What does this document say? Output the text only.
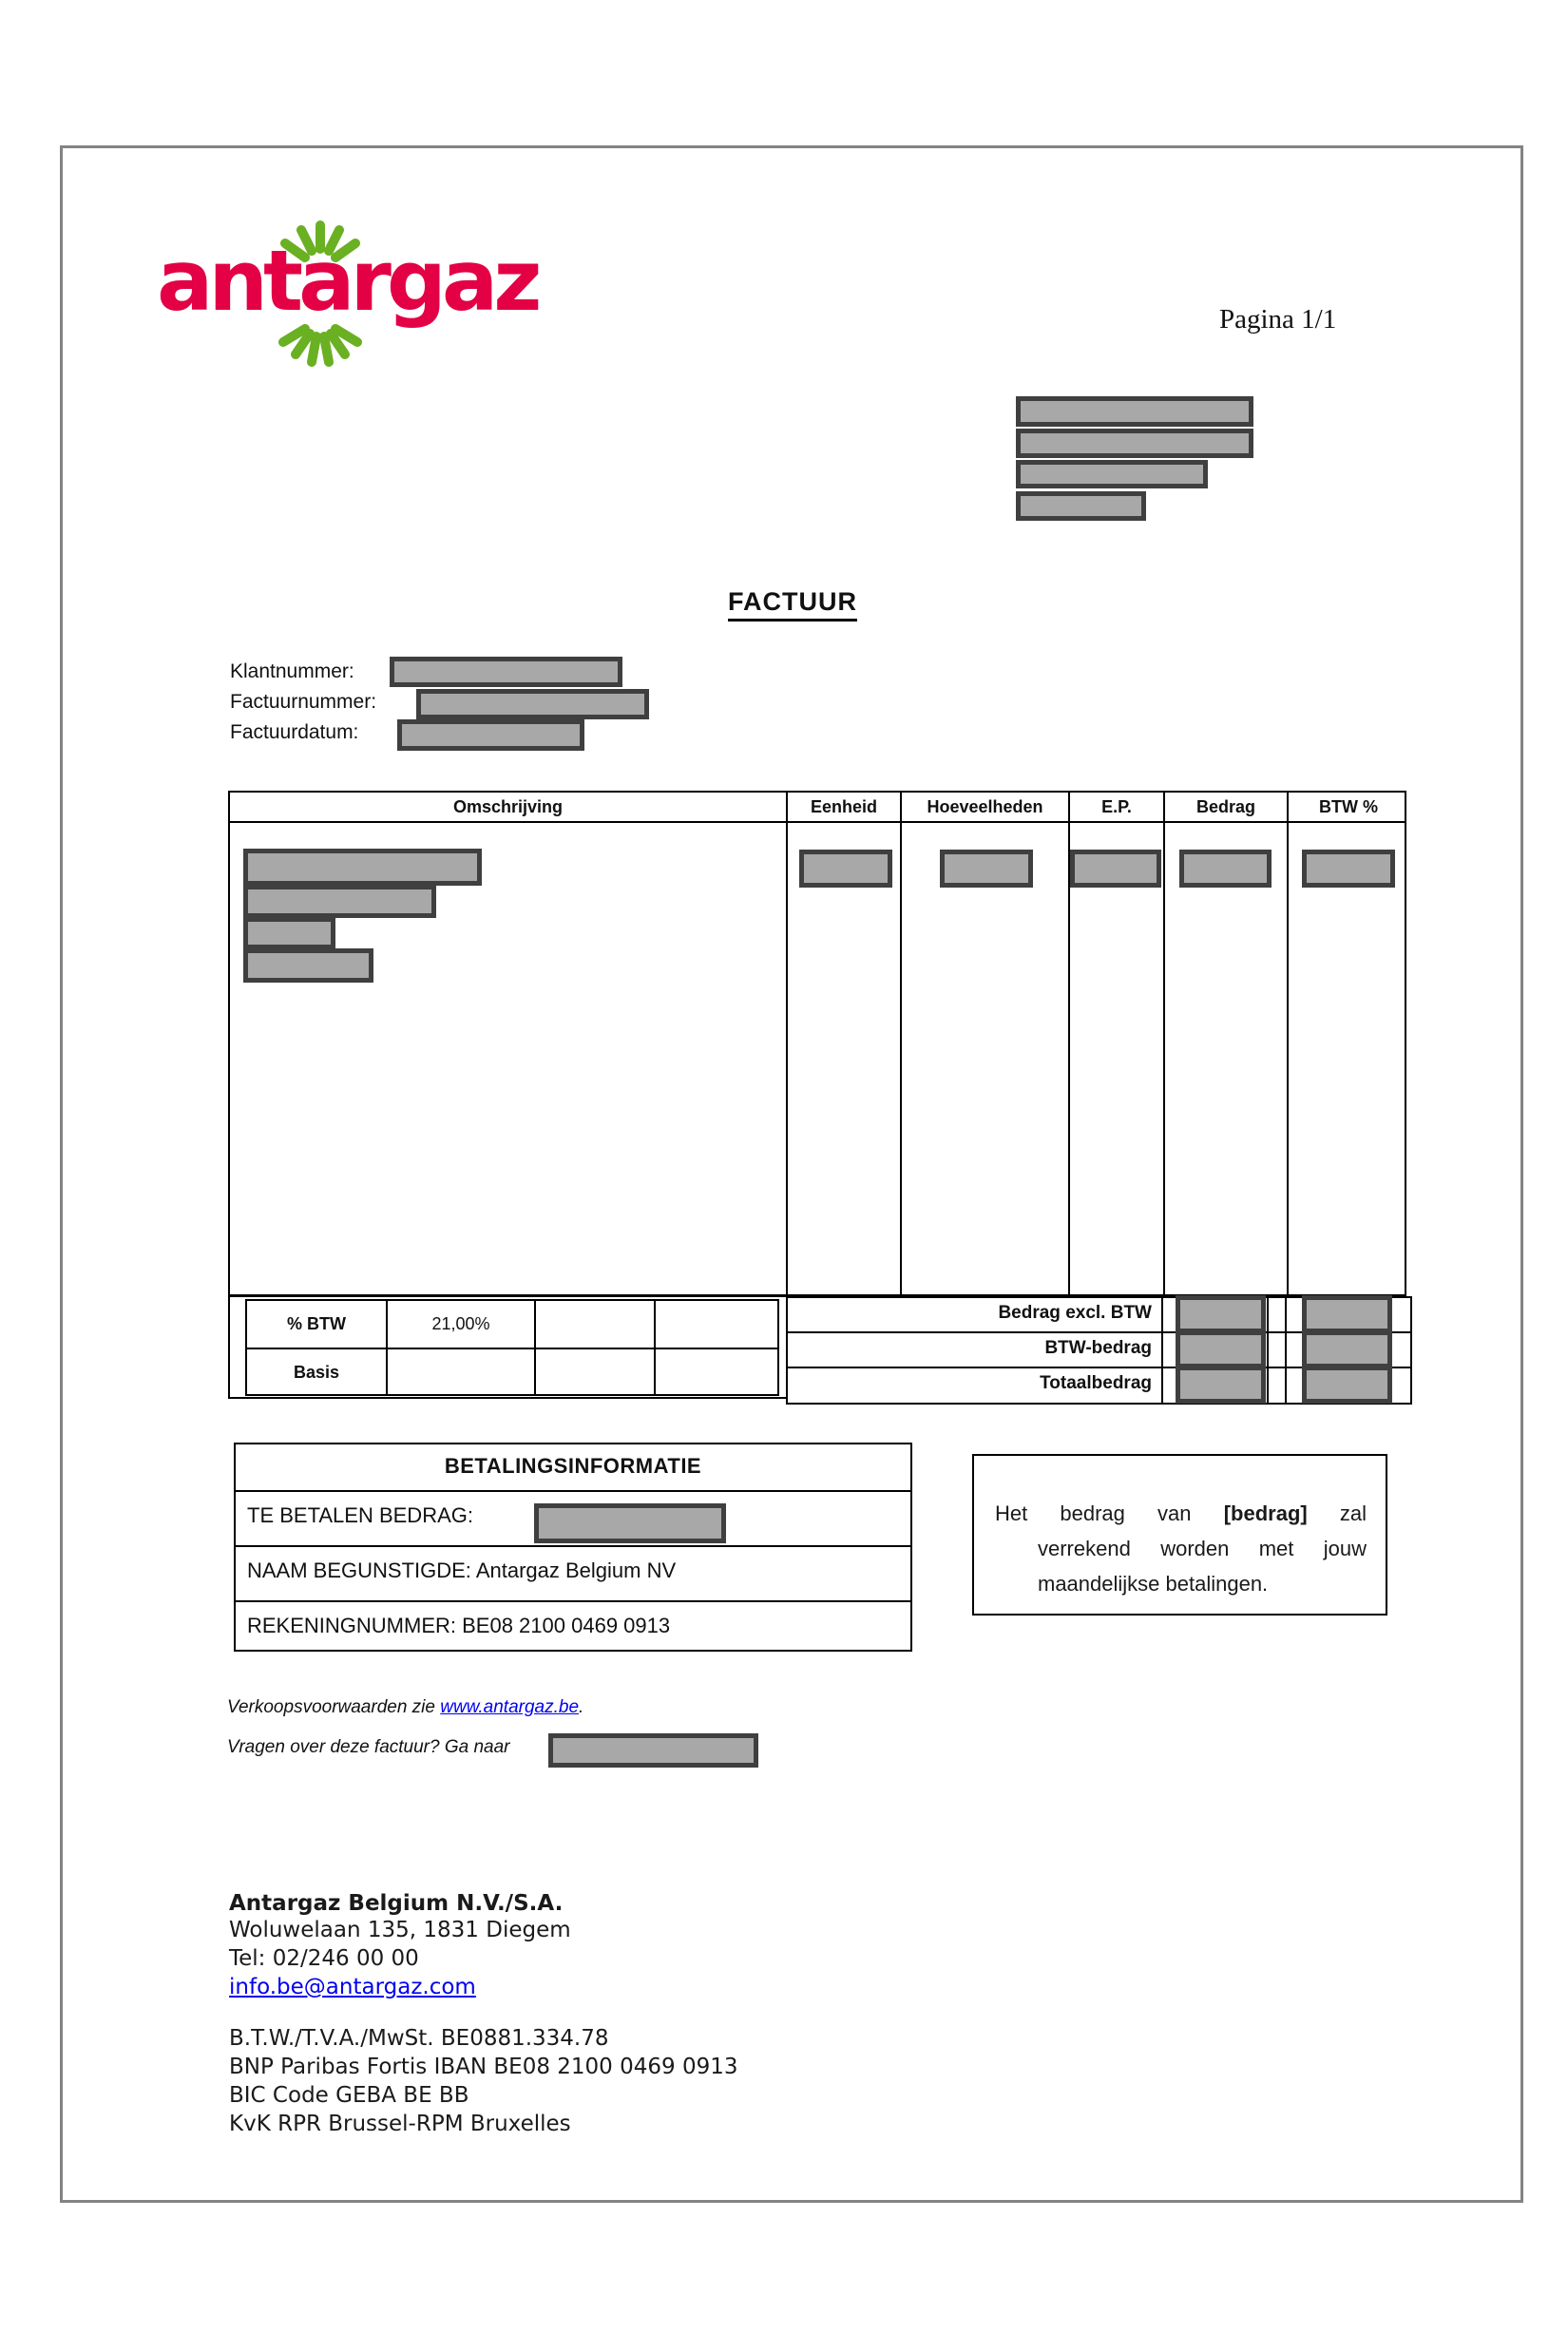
antargaz	Pagina 1/1
FACTUUR
Klantnummer:
Factuurnummer:
Factuurdatum:
Omschrijving	Eenheid	Hoeveelheden	E.P.	Bedrag	BTW %
% BTW	21,00%
Basis
Bedrag excl. BTW
BTW-bedrag
Totaalbedrag
BETALINGSINFORMATIE
TE BETALEN BEDRAG:
NAAM BEGUNSTIGDE: Antargaz Belgium NV
REKENINGNUMMER: BE08 2100 0469 0913
Het bedrag van [bedrag] zal
verrekend worden met jouw
maandelijkse betalingen.
Verkoopsvoorwaarden zie www.antargaz.be.
Vragen over deze factuur? Ga naar
Antargaz Belgium N.V./S.A.
Woluwelaan 135, 1831 Diegem
Tel: 02/246 00 00
info.be@antargaz.com
B.T.W./T.V.A./MwSt. BE0881.334.78
BNP Paribas Fortis IBAN BE08 2100 0469 0913
BIC Code GEBA BE BB
KvK RPR Brussel-RPM Bruxelles
